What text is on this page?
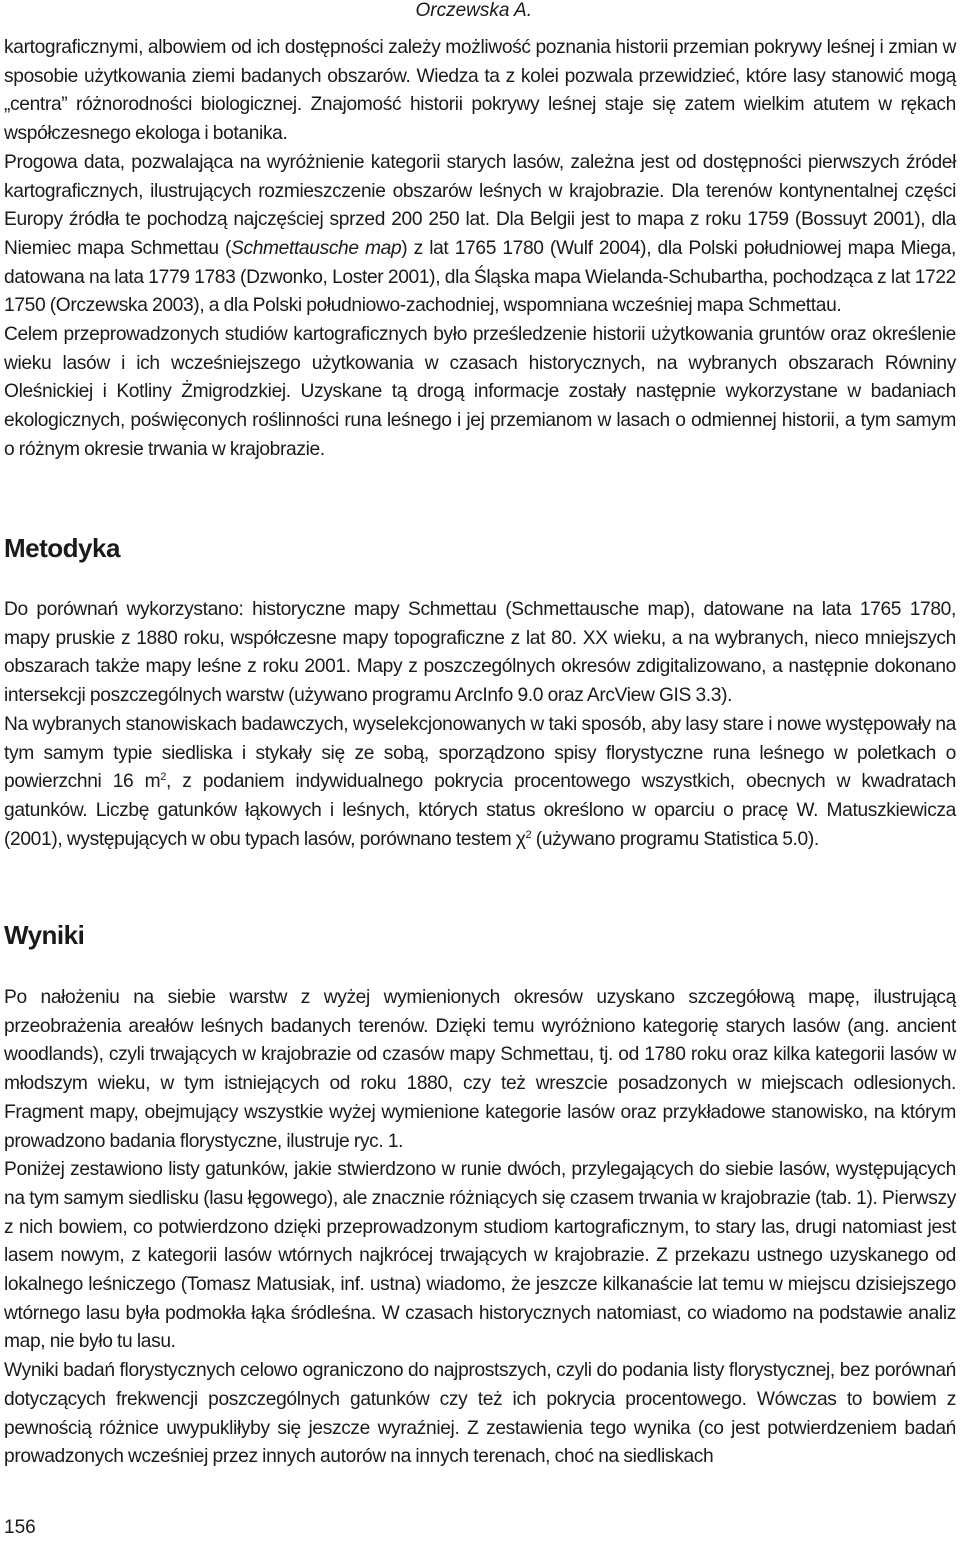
Orczewska A.

kartograficznymi, albowiem od ich dostępności zależy możliwość poznania historii przemian pokrywy leśnej i zmian w sposobie użytkowania ziemi badanych obszarów. Wiedza ta z kolei pozwala przewidzieć, które lasy stanowić mogą „centra” różnorodności biologicznej. Znajomość historii pokrywy leśnej staje się zatem wielkim atutem w rękach współczesnego ekologa i botanika.

Progowa data, pozwalająca na wyróżnienie kategorii starych lasów, zależna jest od dostępności pierwszych źródeł kartograficznych, ilustrujących rozmieszczenie obszarów leśnych w krajobrazie. Dla terenów kontynentalnej części Europy źródła te pochodzą najczęściej sprzed 200 250 lat. Dla Belgii jest to mapa z roku 1759 (Bossuyt 2001), dla Niemiec mapa Schmettau (Schmettausche map) z lat 1765 1780 (Wulf 2004), dla Polski południowej mapa Miega, datowana na lata 1779 1783 (Dzwonko, Loster 2001), dla Śląska mapa Wielanda-Schubartha, pochodząca z lat 1722 1750 (Orczewska 2003), a dla Polski południowo-zachodniej, wspomniana wcześniej mapa Schmettau.

Celem przeprowadzonych studiów kartograficznych było prześledzenie historii użytkowania gruntów oraz określenie wieku lasów i ich wcześniejszego użytkowania w czasach historycznych, na wybranych obszarach Równiny Oleśnickiej i Kotliny Żmigrodzkiej. Uzyskane tą drogą informacje zostały następnie wykorzystane w badaniach ekologicznych, poświęconych roślinności runa leśnego i jej przemianom w lasach o odmiennej historii, a tym samym o różnym okresie trwania w krajobrazie.

Metodyka

Do porównań wykorzystano: historyczne mapy Schmettau (Schmettausche map), datowane na lata 1765 1780, mapy pruskie z 1880 roku, współczesne mapy topograficzne z lat 80. XX wieku, a na wybranych, nieco mniejszych obszarach także mapy leśne z roku 2001. Mapy z poszczególnych okresów zdigitalizowano, a następnie dokonano intersekcji poszczególnych warstw (używano programu ArcInfo 9.0 oraz ArcView GIS 3.3).

Na wybranych stanowiskach badawczych, wyselekcjonowanych w taki sposób, aby lasy stare i nowe występowały na tym samym typie siedliska i stykały się ze sobą, sporządzono spisy florystyczne runa leśnego w poletkach o powierzchni 16 $m^2$, z podaniem indywidualnego pokrycia procentowego wszystkich, obecnych w kwadratach gatunków. Liczbę gatunków łąkowych i leśnych, których status określono w oparciu o pracę W. Matuszkiewicza (2001), występujących w obu typach lasów, porównano testem $\chi^2$ (używano programu Statistica 5.0).

Wyniki

Po nałożeniu na siebie warstw z wyżej wymienionych okresów uzyskano szczegółową mapę, ilustrującą przeobrażenia areałów leśnych badanych terenów. Dzięki temu wyróżniono kategorię starych lasów (ang. ancient woodlands), czyli trwających w krajobrazie od czasów mapy Schmettau, tj. od 1780 roku oraz kilka kategorii lasów w młodszym wieku, w tym istniejących od roku 1880, czy też wreszcie posadzonych w miejscach odlesionych. Fragment mapy, obejmujący wszystkie wyżej wymienione kategorie lasów oraz przykładowe stanowisko, na którym prowadzono badania florystyczne, ilustruje ryc. 1.

Poniżej zestawiono listy gatunków, jakie stwierdzono w runie dwóch, przylegających do siebie lasów, występujących na tym samym siedlisku (lasu łęgowego), ale znacznie różniących się czasem trwania w krajobrazie (tab. 1). Pierwszy z nich bowiem, co potwierdzono dzięki przeprowadzonym studiom kartograficznym, to stary las, drugi natomiast jest lasem nowym, z kategorii lasów wtórnych najkrócej trwających w krajobrazie. Z przekazu ustnego uzyskanego od lokalnego leśniczego (Tomasz Matusiak, inf. ustna) wiadomo, że jeszcze kilkanaście lat temu w miejscu dzisiejszego wtórnego lasu była podmokła łąka śródleśna. W czasach historycznych natomiast, co wiadomo na podstawie analiz map, nie było tu lasu.

Wyniki badań florystycznych celowo ograniczono do najprostszych, czyli do podania listy florystycznej, bez porównań dotyczących frekwencji poszczególnych gatunków czy też ich pokrycia procentowego. Wówczas to bowiem z pewnością różnice uwypukliłyby się jeszcze wyraźniej. Z zestawienia tego wynika (co jest potwierdzeniem badań prowadzonych wcześniej przez innych autorów na innych terenach, choć na siedliskach

156
